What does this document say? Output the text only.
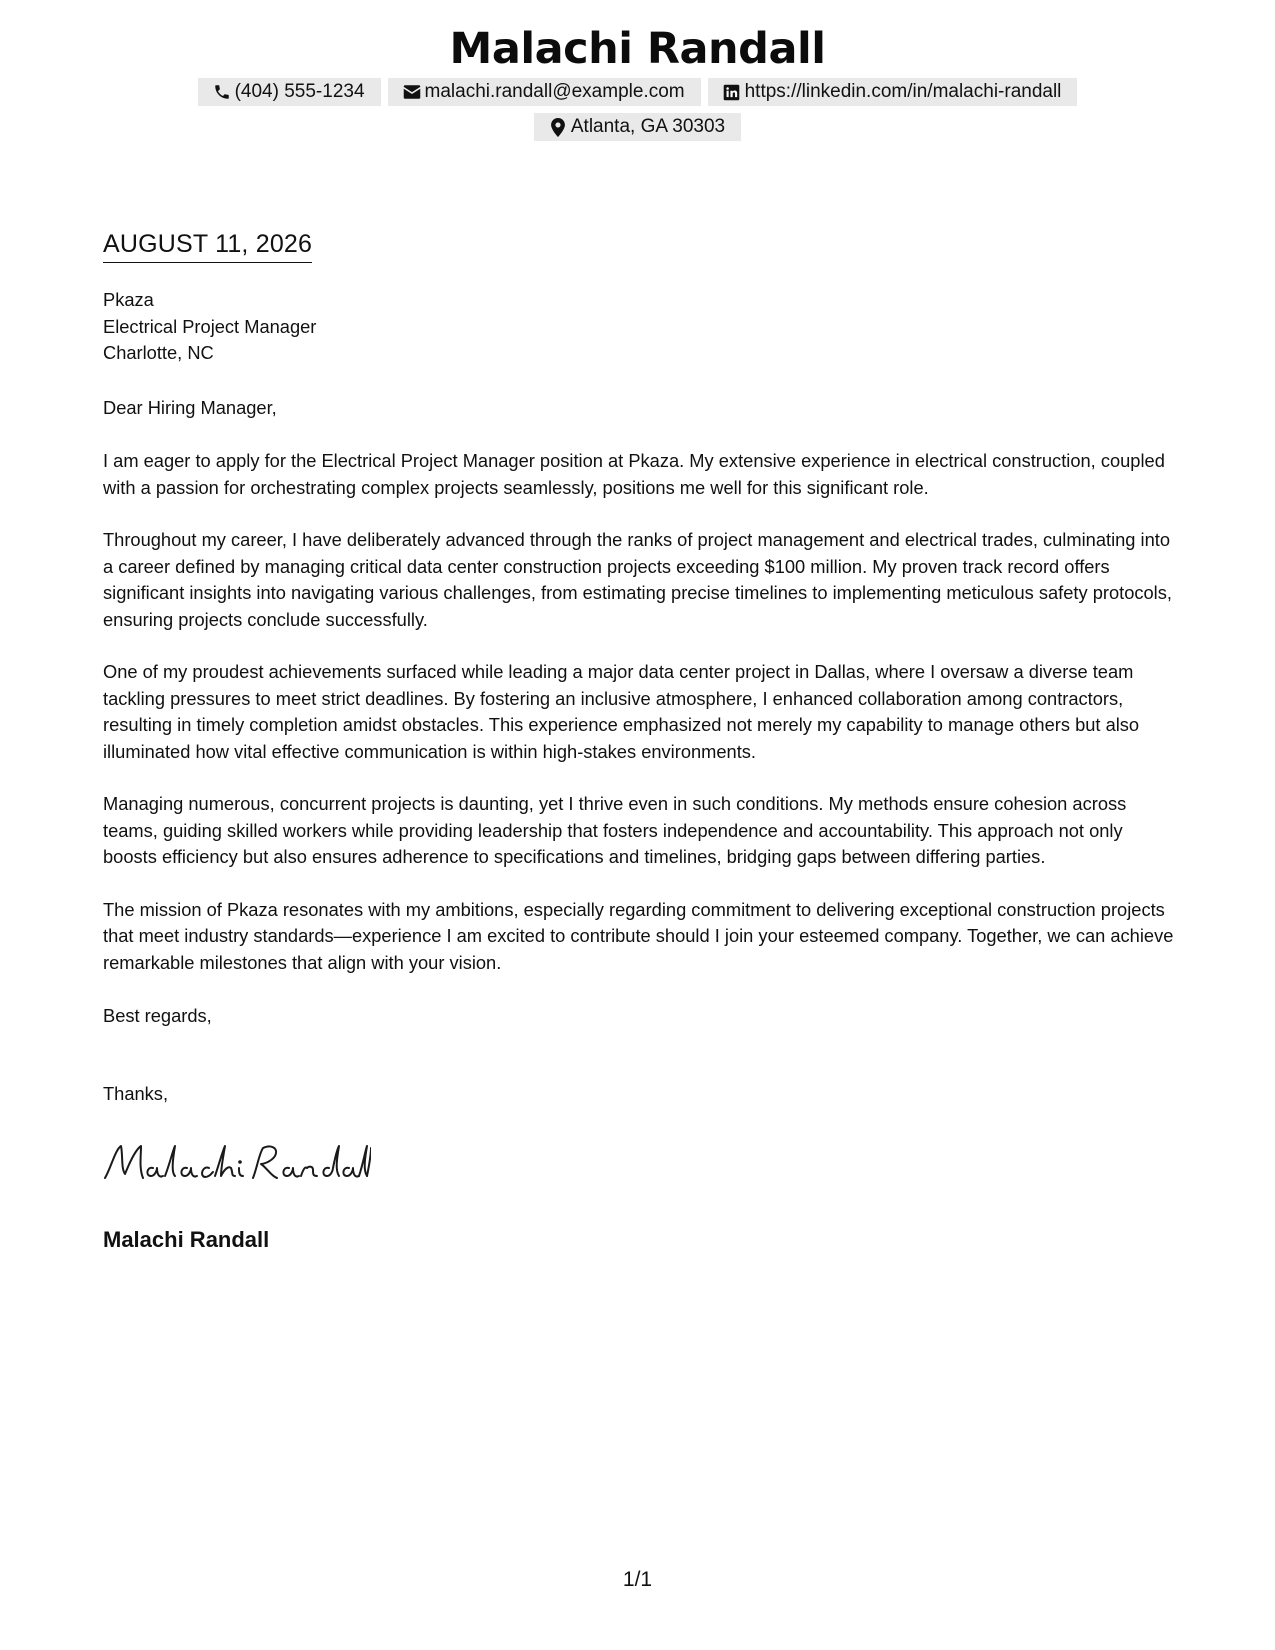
Malachi Randall
(404) 555-1234	malachi.randall@example.com	https://linkedin.com/in/malachi-randall
Atlanta, GA 30303
AUGUST 11, 2026
Pkaza
Electrical Project Manager
Charlotte, NC
Dear Hiring Manager,

I am eager to apply for the Electrical Project Manager position at Pkaza. My extensive experience in electrical construction, coupled with a passion for orchestrating complex projects seamlessly, positions me well for this significant role.

Throughout my career, I have deliberately advanced through the ranks of project management and electrical trades, culminating into a career defined by managing critical data center construction projects exceeding $100 million. My proven track record offers significant insights into navigating various challenges, from estimating precise timelines to implementing meticulous safety protocols, ensuring projects conclude successfully.

One of my proudest achievements surfaced while leading a major data center project in Dallas, where I oversaw a diverse team tackling pressures to meet strict deadlines. By fostering an inclusive atmosphere, I enhanced collaboration among contractors, resulting in timely completion amidst obstacles. This experience emphasized not merely my capability to manage others but also illuminated how vital effective communication is within high-stakes environments.

Managing numerous, concurrent projects is daunting, yet I thrive even in such conditions. My methods ensure cohesion across teams, guiding skilled workers while providing leadership that fosters independence and accountability. This approach not only boosts efficiency but also ensures adherence to specifications and timelines, bridging gaps between differing parties.

The mission of Pkaza resonates with my ambitions, especially regarding commitment to delivering exceptional construction projects that meet industry standards—experience I am excited to contribute should I join your esteemed company. Together, we can achieve remarkable milestones that align with your vision.

Best regards,
Thanks,
Malachi Randall
1/1
